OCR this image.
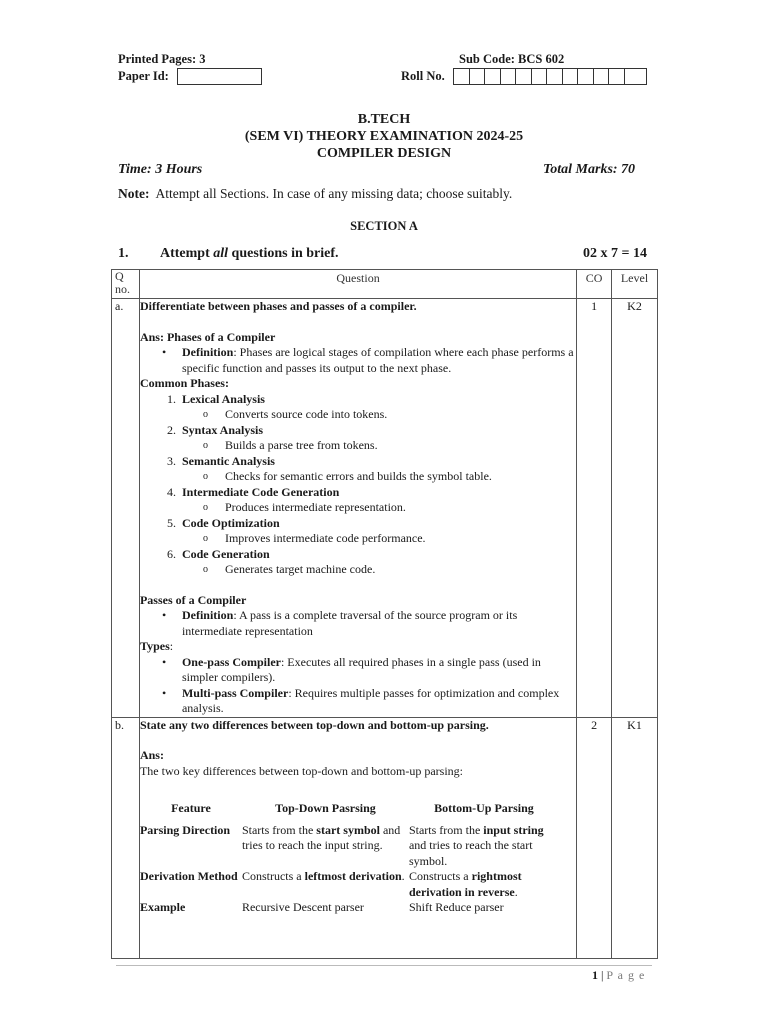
Printed Pages: 3	Sub Code: BCS 602
Paper Id:	Roll No.
B.TECH
(SEM VI) THEORY EXAMINATION 2024-25
COMPILER DESIGN
Time: 3 Hours	Total Marks: 70
Note: Attempt all Sections. In case of any missing data; choose suitably.
SECTION A
1. Attempt all questions in brief.	02 x 7 = 14
Q
no.
	Question	CO	Level
a.	Differentiate between phases and passes of a compiler.
Ans: Phases of a Compiler
• Definition: Phases are logical stages of compilation where each phase performs a specific function and passes its output to the next phase.
Common Phases:
1. Lexical Analysis
o Converts source code into tokens.
2. Syntax Analysis
o Builds a parse tree from tokens.
3. Semantic Analysis
o Checks for semantic errors and builds the symbol table.
4. Intermediate Code Generation
o Produces intermediate representation.
5. Code Optimization
o Improves intermediate code performance.
6. Code Generation
o Generates target machine code.
Passes of a Compiler
• Definition: A pass is a complete traversal of the source program or its intermediate representation
Types:
• One-pass Compiler: Executes all required phases in a single pass (used in simpler compilers).
• Multi-pass Compiler: Requires multiple passes for optimization and complex analysis.
	1	K2
b.	State any two differences between top-down and bottom-up parsing.
Ans:
The two key differences between top-down and bottom-up parsing:
Feature	Top-Down Pasrsing	Bottom-Up Parsing
Parsing Direction	Starts from the start symbol and tries to reach the input string.	Starts from the input string and tries to reach the start symbol.
Derivation Method	Constructs a leftmost derivation.	Constructs a rightmost derivation in reverse.
Example	Recursive Descent parser	Shift Reduce parser
	2	K1
1 | P a g e
